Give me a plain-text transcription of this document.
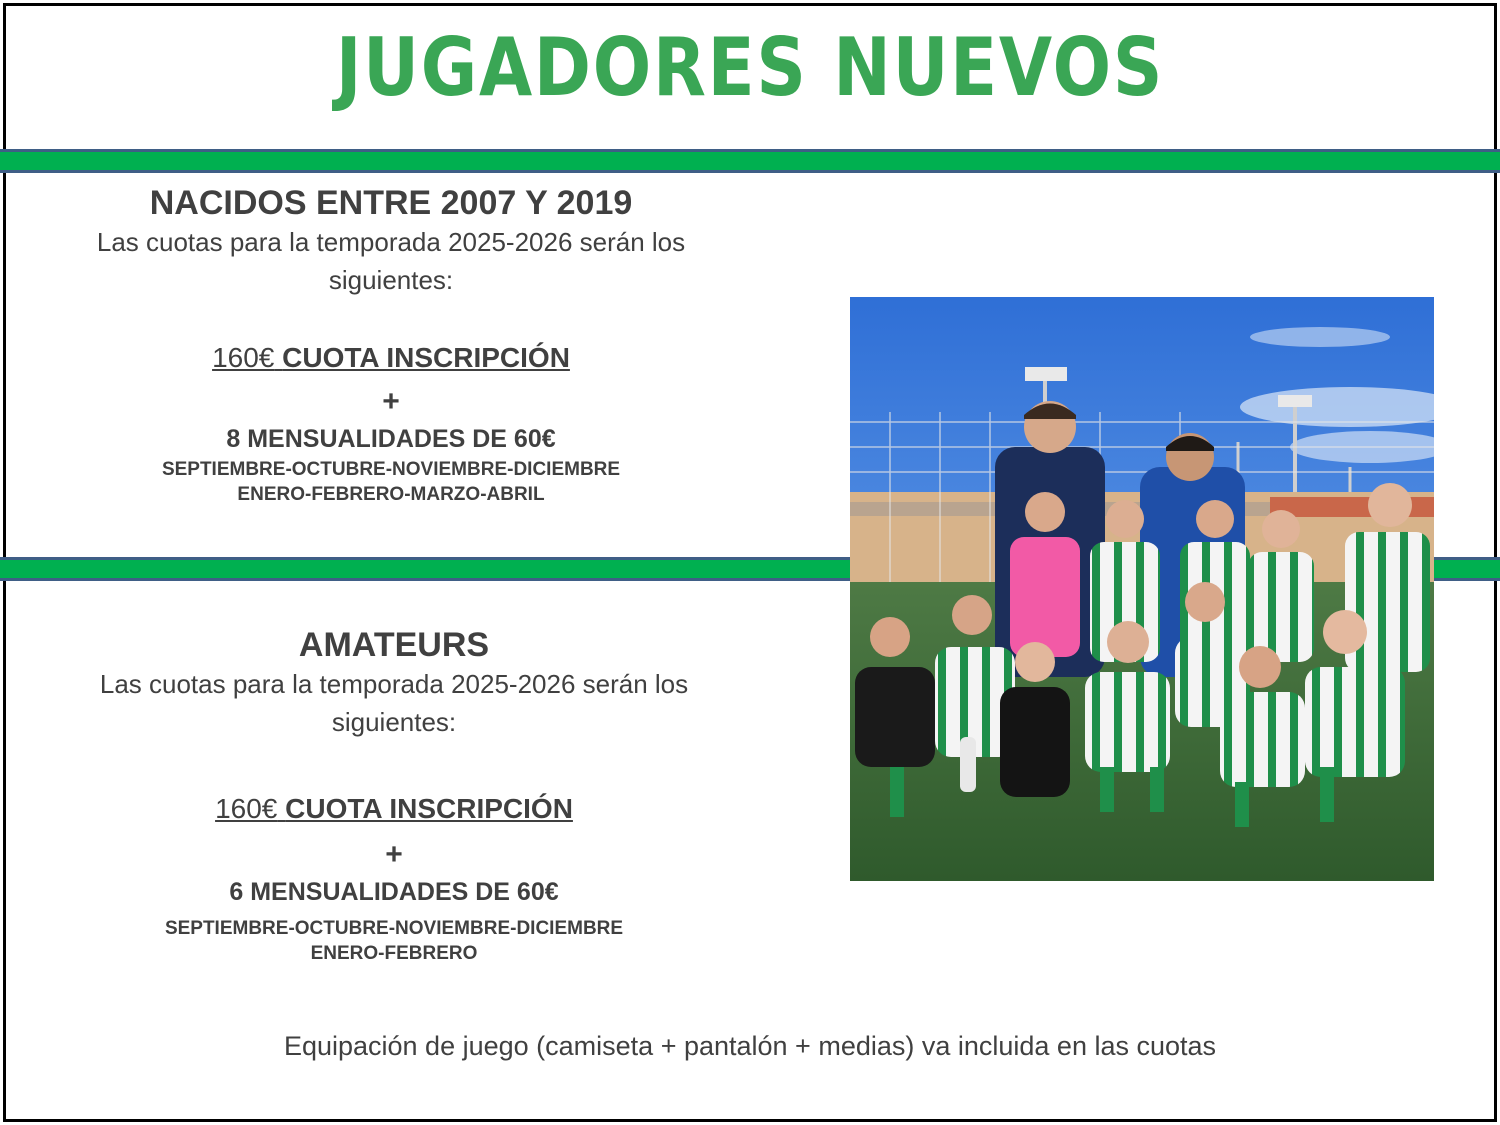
JUGADORES NUEVOS
NACIDOS ENTRE 2007 Y 2019
Las cuotas para la temporada 2025-2026 serán los
siguientes:
160€ CUOTA INSCRIPCIÓN
+
8 MENSUALIDADES DE 60€
SEPTIEMBRE-OCTUBRE-NOVIEMBRE-DICIEMBRE
ENERO-FEBRERO-MARZO-ABRIL
AMATEURS
Las cuotas para la temporada 2025-2026 serán los
siguientes:
160€ CUOTA INSCRIPCIÓN
+
6 MENSUALIDADES DE 60€
SEPTIEMBRE-OCTUBRE-NOVIEMBRE-DICIEMBRE
ENERO-FEBRERO
Equipación de juego (camiseta + pantalón + medias) va incluida en las cuotas
